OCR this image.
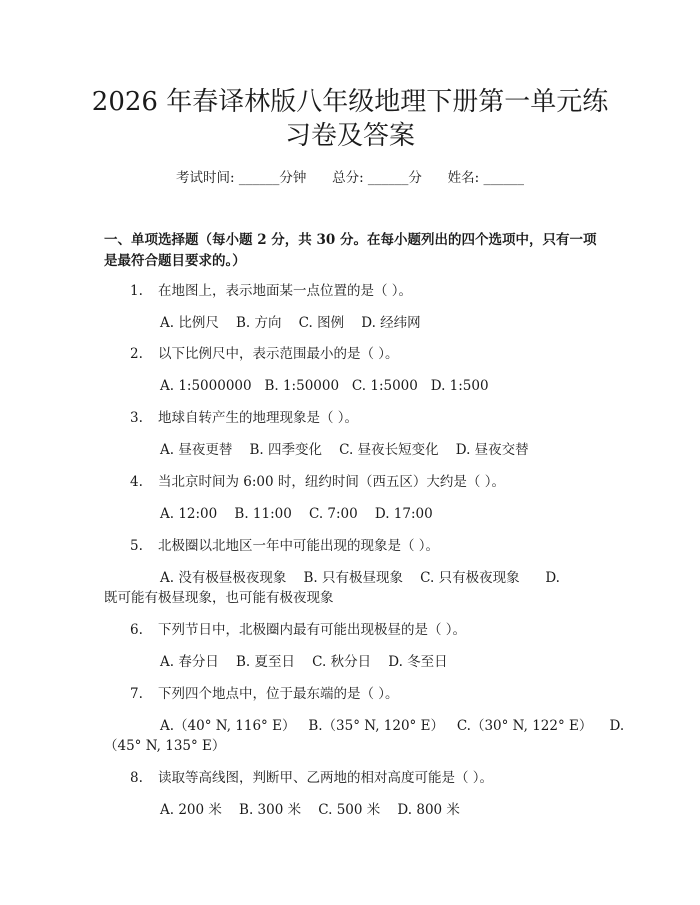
2026 年春译林版八年级地理下册第一单元练
习卷及答案
考试时间: ______分钟      总分: ______分      姓名: ______
一、单项选择题（每小题 2 分，共 30 分。在每小题列出的四个选项中，只有一项
是最符合题目要求的。）
1. 在地图上，表示地面某一点位置的是（ ）。
A. 比例尺    B. 方向    C. 图例    D. 经纬网
2. 以下比例尺中，表示范围最小的是（ ）。
A. 1:5000000   B. 1:50000   C. 1:5000   D. 1:500
3. 地球自转产生的地理现象是（ ）。
A. 昼夜更替    B. 四季变化    C. 昼夜长短变化    D. 昼夜交替
4. 当北京时间为 6:00 时，纽约时间（西五区）大约是（ ）。
A. 12:00    B. 11:00    C. 7:00    D. 17:00
5. 北极圈以北地区一年中可能出现的现象是（ ）。
A. 没有极昼极夜现象    B. 只有极昼现象    C. 只有极夜现象      D.
既可能有极昼现象，也可能有极夜现象
6. 下列节日中，北极圈内最有可能出现极昼的是（ ）。
A. 春分日    B. 夏至日    C. 秋分日    D. 冬至日
7. 下列四个地点中，位于最东端的是（ ）。
A.（40° N, 116° E）   B.（35° N, 120° E）   C.（30° N, 122° E）    D.
（45° N, 135° E）
8. 读取等高线图，判断甲、乙两地的相对高度可能是（ ）。
A. 200 米    B. 300 米    C. 500 米    D. 800 米
